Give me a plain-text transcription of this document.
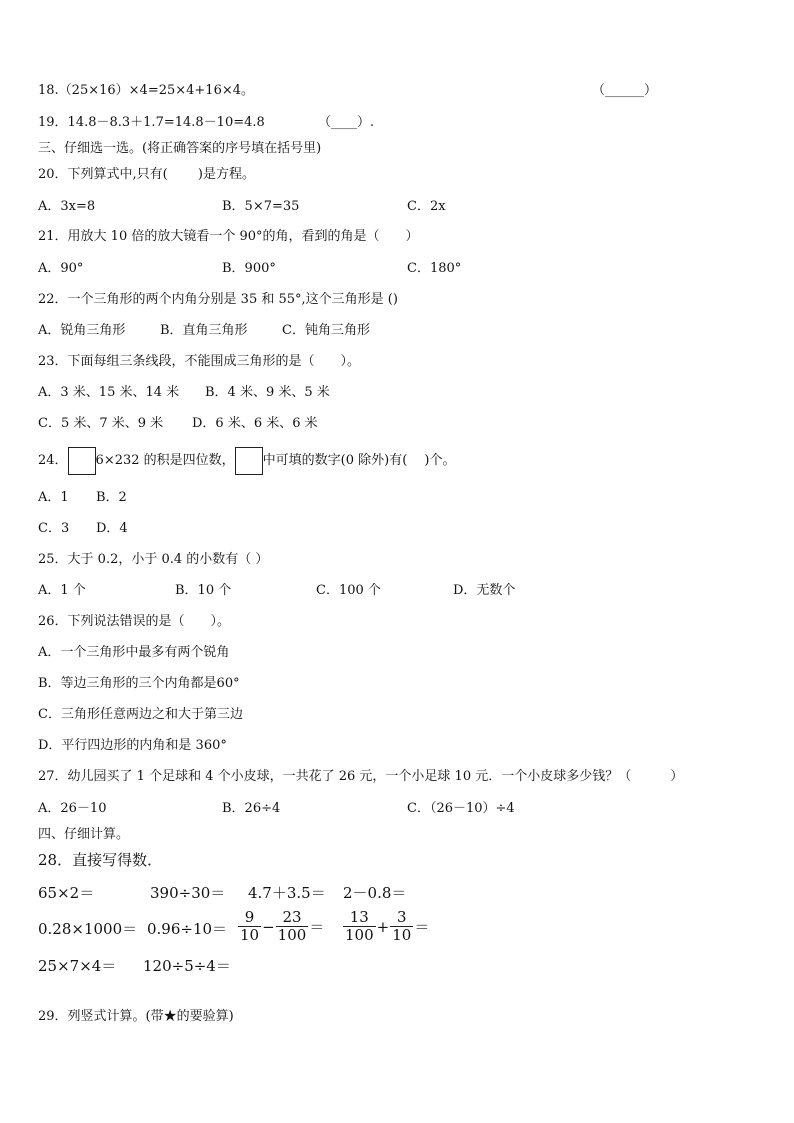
18.（25×16）×4=25×4+16×4。	（______）
19．14.8－8.3＋1.7=14.8－10=4.8	（____）.
三、仔细选一选。(将正确答案的序号填在括号里)
20．下列算式中,只有(　 　)是方程。
A．3x=8	B．5×7=35	C．2x
21．用放大 10 倍的放大镜看一个 90°的角，看到的角是（　　）
A．90°	B．900°	C．180°
22．一个三角形的两个内角分别是 35 和 55°,这个三角形是 ()
A．锐角三角形	B．直角三角形	C．钝角三角形
23．下面每组三条线段，不能围成三角形的是（　　）。
A．3 米、15 米、14 米 B．4 米、9 米、5 米
C．5 米、7 米、9 米 D．6 米、6 米、6 米
24． 6×232 的积是四位数， 中可填的数字(0 除外)有(　 )个。
A．1 B．2
C．3 D．4
25．大于 0.2，小于 0.4 的小数有（ ）
A．1 个	B．10 个	C．100 个	D．无数个
26．下列说法错误的是（　　）。
A．一个三角形中最多有两个锐角
B．等边三角形的三个内角都是60°
C．三角形任意两边之和大于第三边
D．平行四边形的内角和是 360°
27．幼儿园买了 1 个足球和 4 个小皮球，一共花了 26 元，一个小足球 10 元．一个小皮球多少钱？（　　　）
A．26－10	B．26÷4	C．（26－10）÷4
四、仔细计算。
28．直接写得数．
65×2＝	390÷30＝ 4.7＋3.5＝ 2－0.8＝
$0.28\times 1000= 0.96\div 10= \frac{9}{10} - \frac{23}{100} = \frac{13}{100} + \frac{3}{10}$ ＝
25×7×4＝ 120÷5÷4＝
29．列竖式计算。(带★的要验算)
